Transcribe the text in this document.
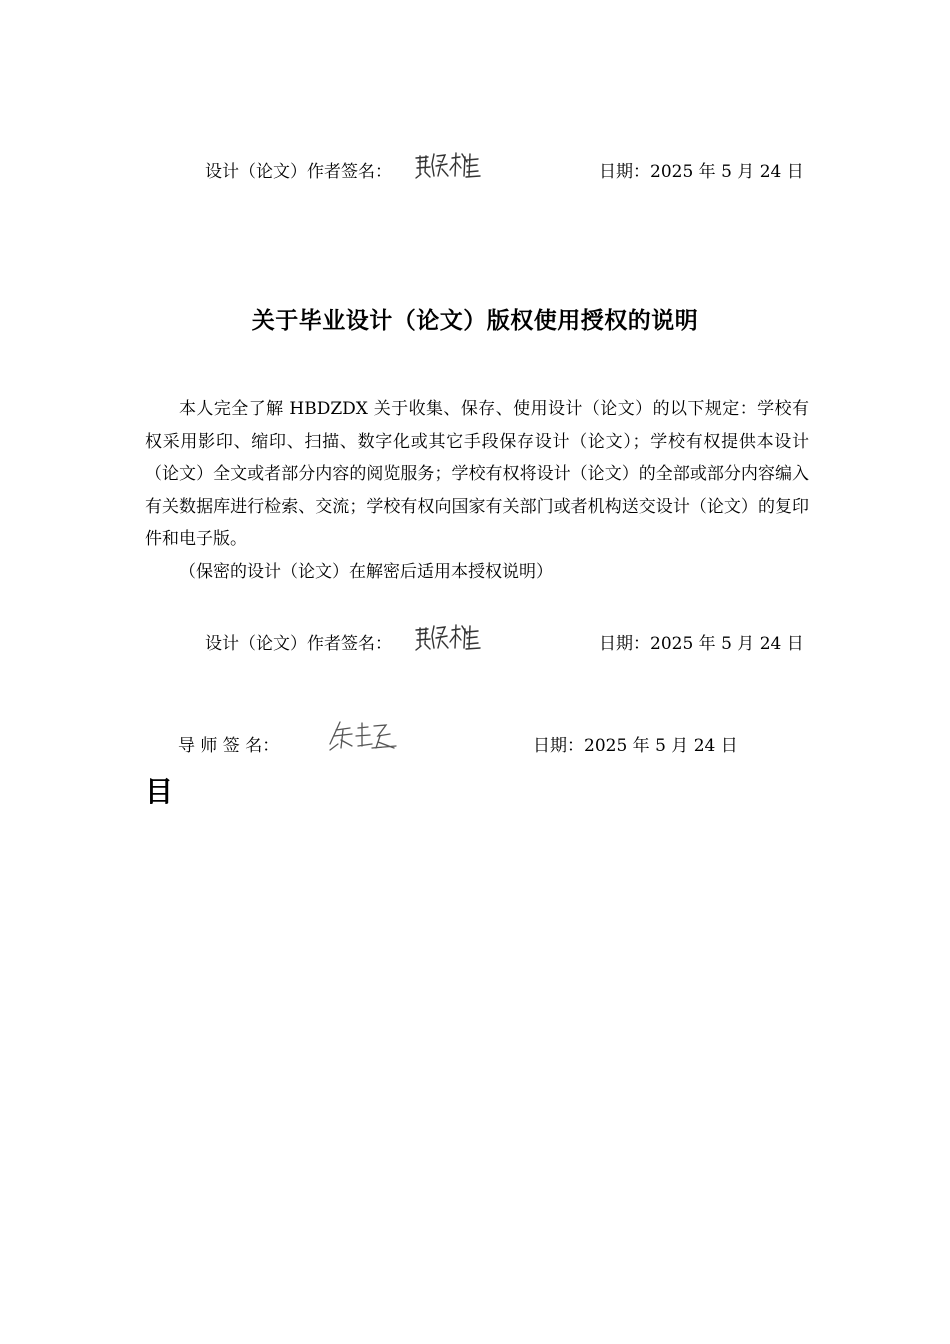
设计（论文）作者签名：	日期：2025 年 5 月 24 日
关于毕业设计（论文）版权使用授权的说明

本人完全了解 HBDZDX 关于收集、保存、使用设计（论文）的以下规定：学校有权采用影印、缩印、扫描、数字化或其它手段保存设计（论文）；学校有权提供本设计（论文）全文或者部分内容的阅览服务；学校有权将设计（论文）的全部或部分内容编入有关数据库进行检索、交流；学校有权向国家有关部门或者机构送交设计（论文）的复印件和电子版。

（保密的设计（论文）在解密后适用本授权说明）

设计（论文）作者签名：	日期：2025 年 5 月 24 日
导 师 签 名：	日期：2025 年 5 月 24 日
目
